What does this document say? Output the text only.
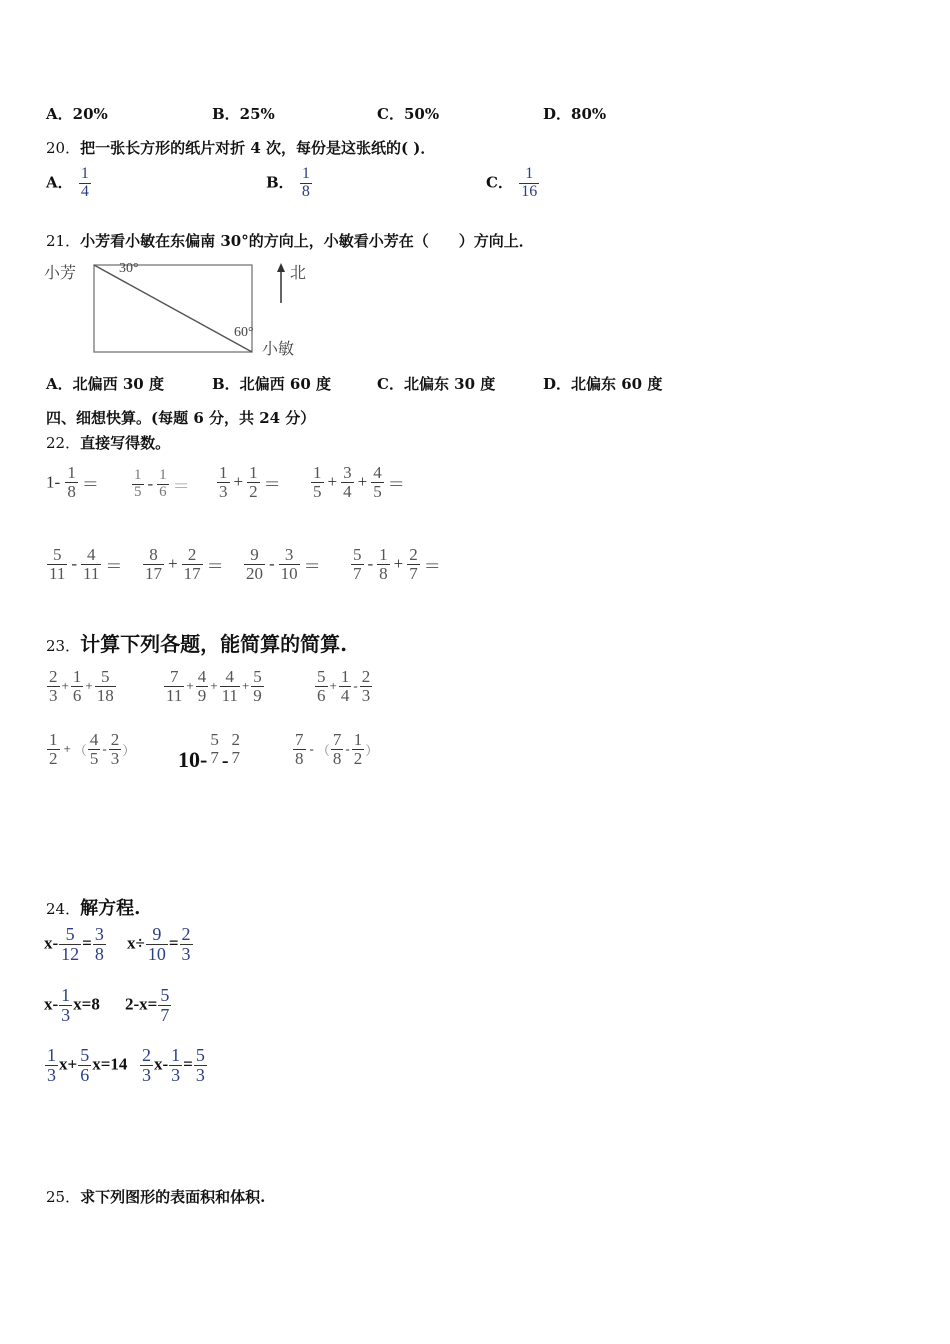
A．20%	B．25%	C．50%	D．80%
20．把一张长方形的纸片对折 4 次，每份是这张纸的( )．
A． $\frac{1}{4}$	B． $\frac{1}{8}$	C． $\frac{1}{16}$
21．小芳看小敏在东偏南 30°的方向上，小敏看小芳在（　　）方向上．
小芳	30°
60°
北
小敏
A．北偏西 30 度	B．北偏西 60 度	C．北偏东 30 度	D．北偏东 60 度
四、细想快算。(每题 6 分，共 24 分）
22．直接写得数。
$1- \frac{1}{8} = \frac{1}{5} - \frac{1}{6} = \frac{1}{3} + \frac{1}{2} = \frac{1}{5} + \frac{3}{4} + \frac{4}{5}$ ＝
$\frac{5}{11} - \frac{4}{11} = \frac{8}{17} + \frac{2}{17} = \frac{9}{20} - \frac{3}{10} = \frac{5}{7} - \frac{1}{8} + \frac{2}{7}$ ＝
23．计算下列各题，能简算的简算.
$\frac{2}{3} + \frac{1}{6} + \frac{5}{18}$	$\frac{7}{11} + \frac{4}{9} + \frac{4}{11} + \frac{5}{9}$	$\frac{5}{6} + \frac{1}{4} - \frac{2}{3}$
$\frac{1}{2}$ + （ $\frac{4}{5} - \frac{2}{3}$ ） 10-
5
7 -
2
7	$\frac{7}{8}$ - （ $\frac{7}{8} - \frac{1}{2}$ ）
24．解方程.
$x- \frac{5}{12} = \frac{3}{8} x\div \frac{9}{10} = \frac{2}{3}$
$x- \frac{1}{3} x=8$ $2-x= \frac{5}{7}$
$\frac{1}{3} x+ \frac{5}{6} x=14 \frac{2}{3} x- \frac{1}{3} = \frac{5}{3}$
25．求下列图形的表面积和体积.
